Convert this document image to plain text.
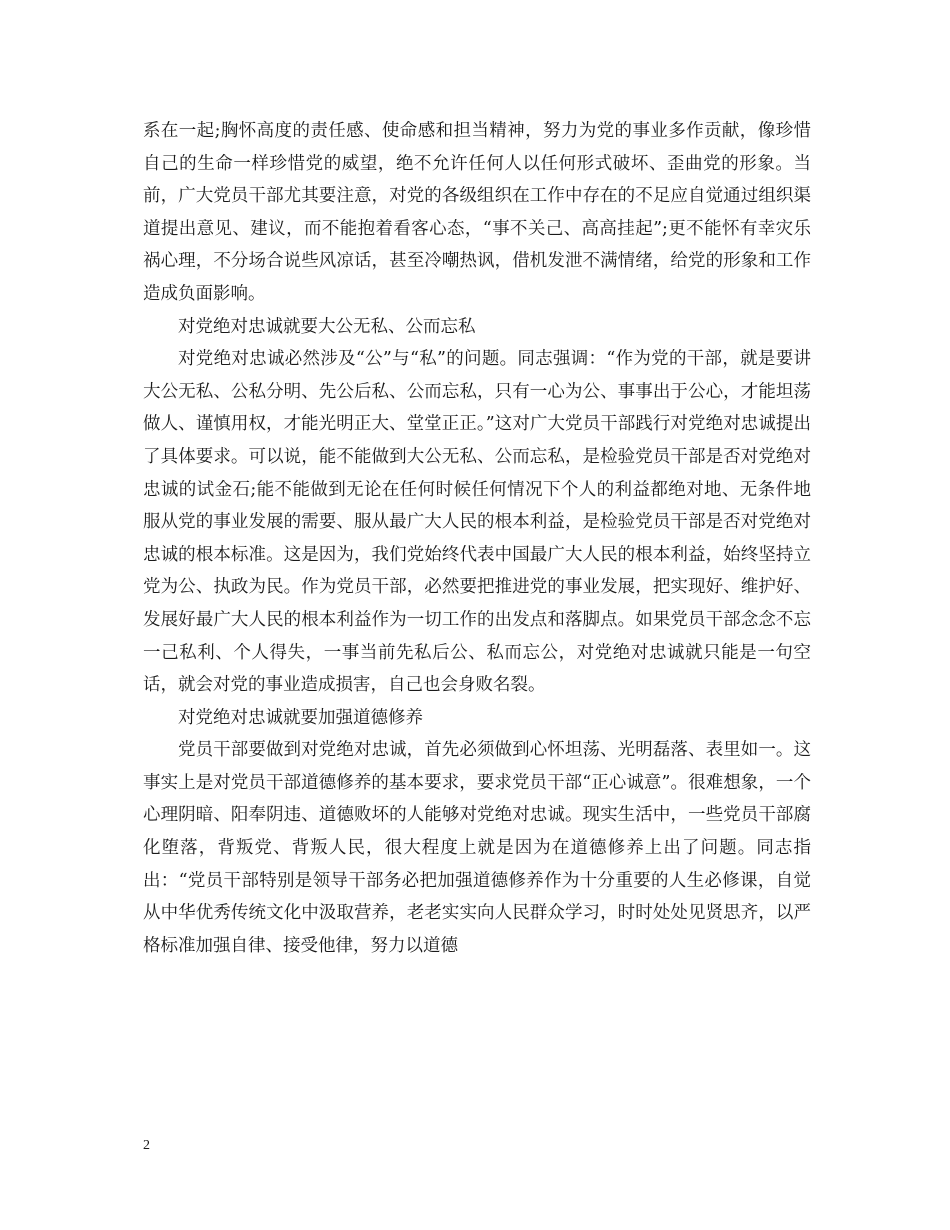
系在一起;胸怀高度的责任感、使命感和担当精神，努力为党的事业多作贡献，像珍惜自己的生命一样珍惜党的威望，绝不允许任何人以任何形式破坏、歪曲党的形象。当前，广大党员干部尤其要注意，对党的各级组织在工作中存在的不足应自觉通过组织渠道提出意见、建议，而不能抱着看客心态，“事不关己、高高挂起”;更不能怀有幸灾乐祸心理，不分场合说些风凉话，甚至冷嘲热讽，借机发泄不满情绪，给党的形象和工作造成负面影响。

对党绝对忠诚就要大公无私、公而忘私

对党绝对忠诚必然涉及“公”与“私”的问题。同志强调：“作为党的干部，就是要讲大公无私、公私分明、先公后私、公而忘私，只有一心为公、事事出于公心，才能坦荡做人、谨慎用权，才能光明正大、堂堂正正。”这对广大党员干部践行对党绝对忠诚提出了具体要求。可以说，能不能做到大公无私、公而忘私，是检验党员干部是否对党绝对忠诚的试金石;能不能做到无论在任何时候任何情况下个人的利益都绝对地、无条件地服从党的事业发展的需要、服从最广大人民的根本利益，是检验党员干部是否对党绝对忠诚的根本标准。这是因为，我们党始终代表中国最广大人民的根本利益，始终坚持立党为公、执政为民。作为党员干部，必然要把推进党的事业发展，把实现好、维护好、发展好最广大人民的根本利益作为一切工作的出发点和落脚点。如果党员干部念念不忘一己私利、个人得失，一事当前先私后公、私而忘公，对党绝对忠诚就只能是一句空话，就会对党的事业造成损害，自己也会身败名裂。

对党绝对忠诚就要加强道德修养

党员干部要做到对党绝对忠诚，首先必须做到心怀坦荡、光明磊落、表里如一。这事实上是对党员干部道德修养的基本要求，要求党员干部“正心诚意”。很难想象，一个心理阴暗、阳奉阴违、道德败坏的人能够对党绝对忠诚。现实生活中，一些党员干部腐化堕落，背叛党、背叛人民，很大程度上就是因为在道德修养上出了问题。同志指出：“党员干部特别是领导干部务必把加强道德修养作为十分重要的人生必修课，自觉从中华优秀传统文化中汲取营养，老老实实向人民群众学习，时时处处见贤思齐，以严格标准加强自律、接受他律，努力以道德

2
